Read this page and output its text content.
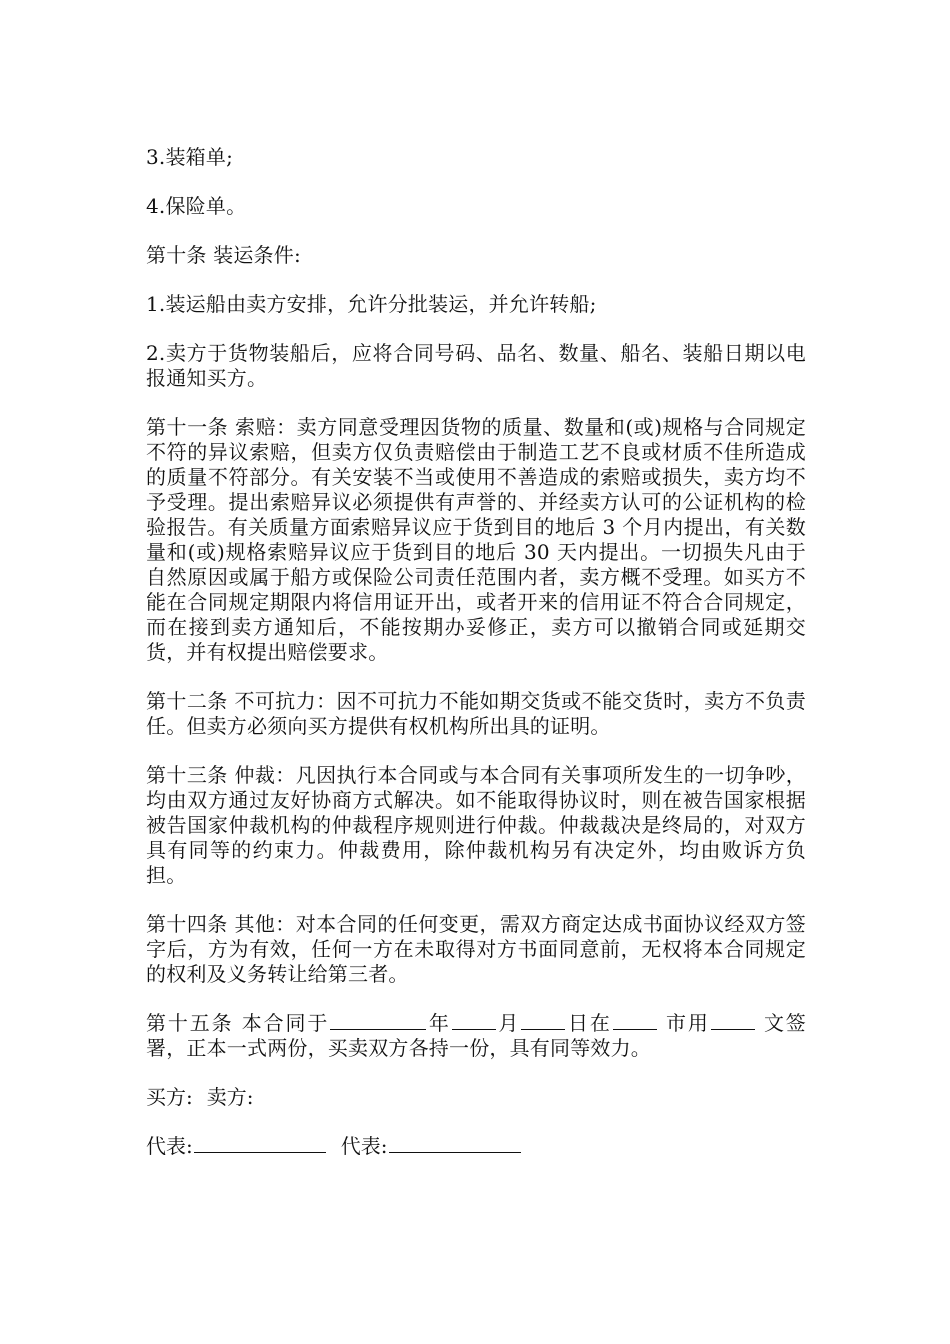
3.装箱单;

4.保险单。

第十条 装运条件:

1.装运船由卖方安排，允许分批装运，并允许转船;

2.卖方于货物装船后，应将合同号码、品名、数量、船名、装船日期以电报通知买方。

第十一条 索赔：卖方同意受理因货物的质量、数量和(或)规格与合同规定不符的异议索赔，但卖方仅负责赔偿由于制造工艺不良或材质不佳所造成的质量不符部分。有关安装不当或使用不善造成的索赔或损失，卖方均不予受理。提出索赔异议必须提供有声誉的、并经卖方认可的公证机构的检验报告。有关质量方面索赔异议应于货到目的地后 3 个月内提出，有关数量和(或)规格索赔异议应于货到目的地后 30 天内提出。一切损失凡由于自然原因或属于船方或保险公司责任范围内者，卖方概不受理。如买方不能在合同规定期限内将信用证开出，或者开来的信用证不符合合同规定，而在接到卖方通知后，不能按期办妥修正，卖方可以撤销合同或延期交货，并有权提出赔偿要求。

第十二条 不可抗力：因不可抗力不能如期交货或不能交货时，卖方不负责任。但卖方必须向买方提供有权机构所出具的证明。

第十三条 仲裁：凡因执行本合同或与本合同有关事项所发生的一切争吵，均由双方通过友好协商方式解决。如不能取得协议时，则在被告国家根据被告国家仲裁机构的仲裁程序规则进行仲裁。仲裁裁决是终局的，对双方具有同等的约束力。仲裁费用，除仲裁机构另有决定外，均由败诉方负担。

第十四条 其他：对本合同的任何变更，需双方商定达成书面协议经双方签字后，方为有效，任何一方在未取得对方书面同意前，无权将本合同规定的权利及义务转让给第三者。

第十五条 本合同于	年 月 日在	市用	文签署，正本一式两份，买卖双方各持一份，具有同等效力。

买方: 卖方:
代表:	代表:
